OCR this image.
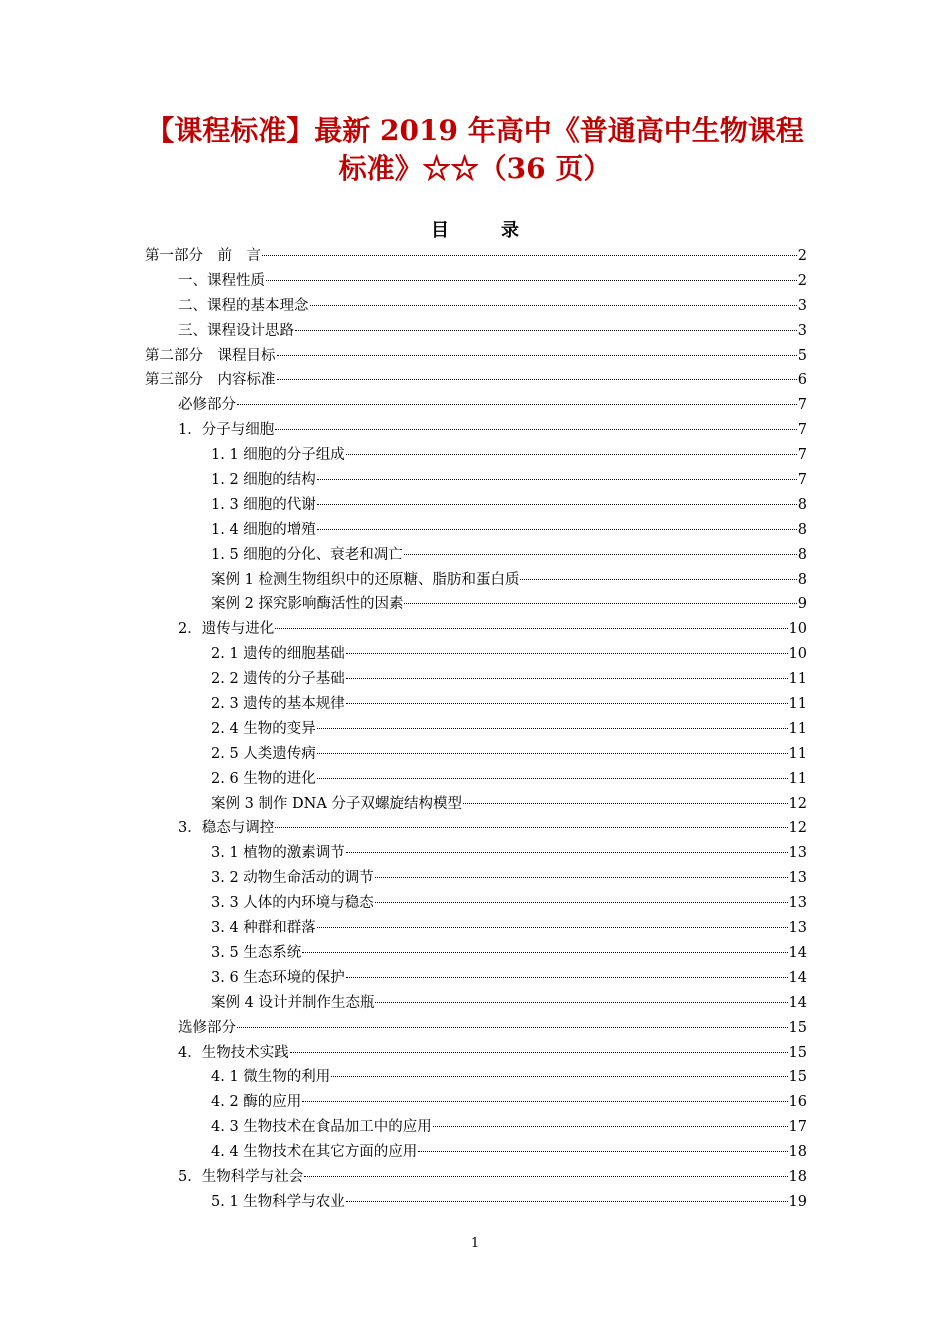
【课程标准】最新 2019 年高中《普通高中生物课程
标准》☆☆（36 页）
目录
第一部分　前　言	2
一、课程性质	2
二、课程的基本理念	3
三、课程设计思路	3
第二部分　课程目标	5
第三部分　内容标准	6
必修部分	7
1．分子与细胞	7
1. 1 细胞的分子组成	7
1. 2 细胞的结构	7
1. 3 细胞的代谢	8
1. 4 细胞的增殖	8
1. 5 细胞的分化、衰老和凋亡	8
案例 1 检测生物组织中的还原糖、脂肪和蛋白质	8
案例 2 探究影响酶活性的因素	9
2．遗传与进化	10
2. 1 遗传的细胞基础	10
2. 2 遗传的分子基础	11
2. 3 遗传的基本规律	11
2. 4 生物的变异	11
2. 5 人类遗传病	11
2. 6 生物的进化	11
案例 3 制作 DNA 分子双螺旋结构模型	12
3．稳态与调控	12
3. 1 植物的激素调节	13
3. 2 动物生命活动的调节	13
3. 3 人体的内环境与稳态	13
3. 4 种群和群落	13
3. 5 生态系统	14
3. 6 生态环境的保护	14
案例 4 设计并制作生态瓶	14
选修部分	15
4．生物技术实践	15
4. 1 微生物的利用	15
4. 2 酶的应用	16
4. 3 生物技术在食品加工中的应用	17
4. 4 生物技术在其它方面的应用	18
5．生物科学与社会	18
5. 1 生物科学与农业	19
1
